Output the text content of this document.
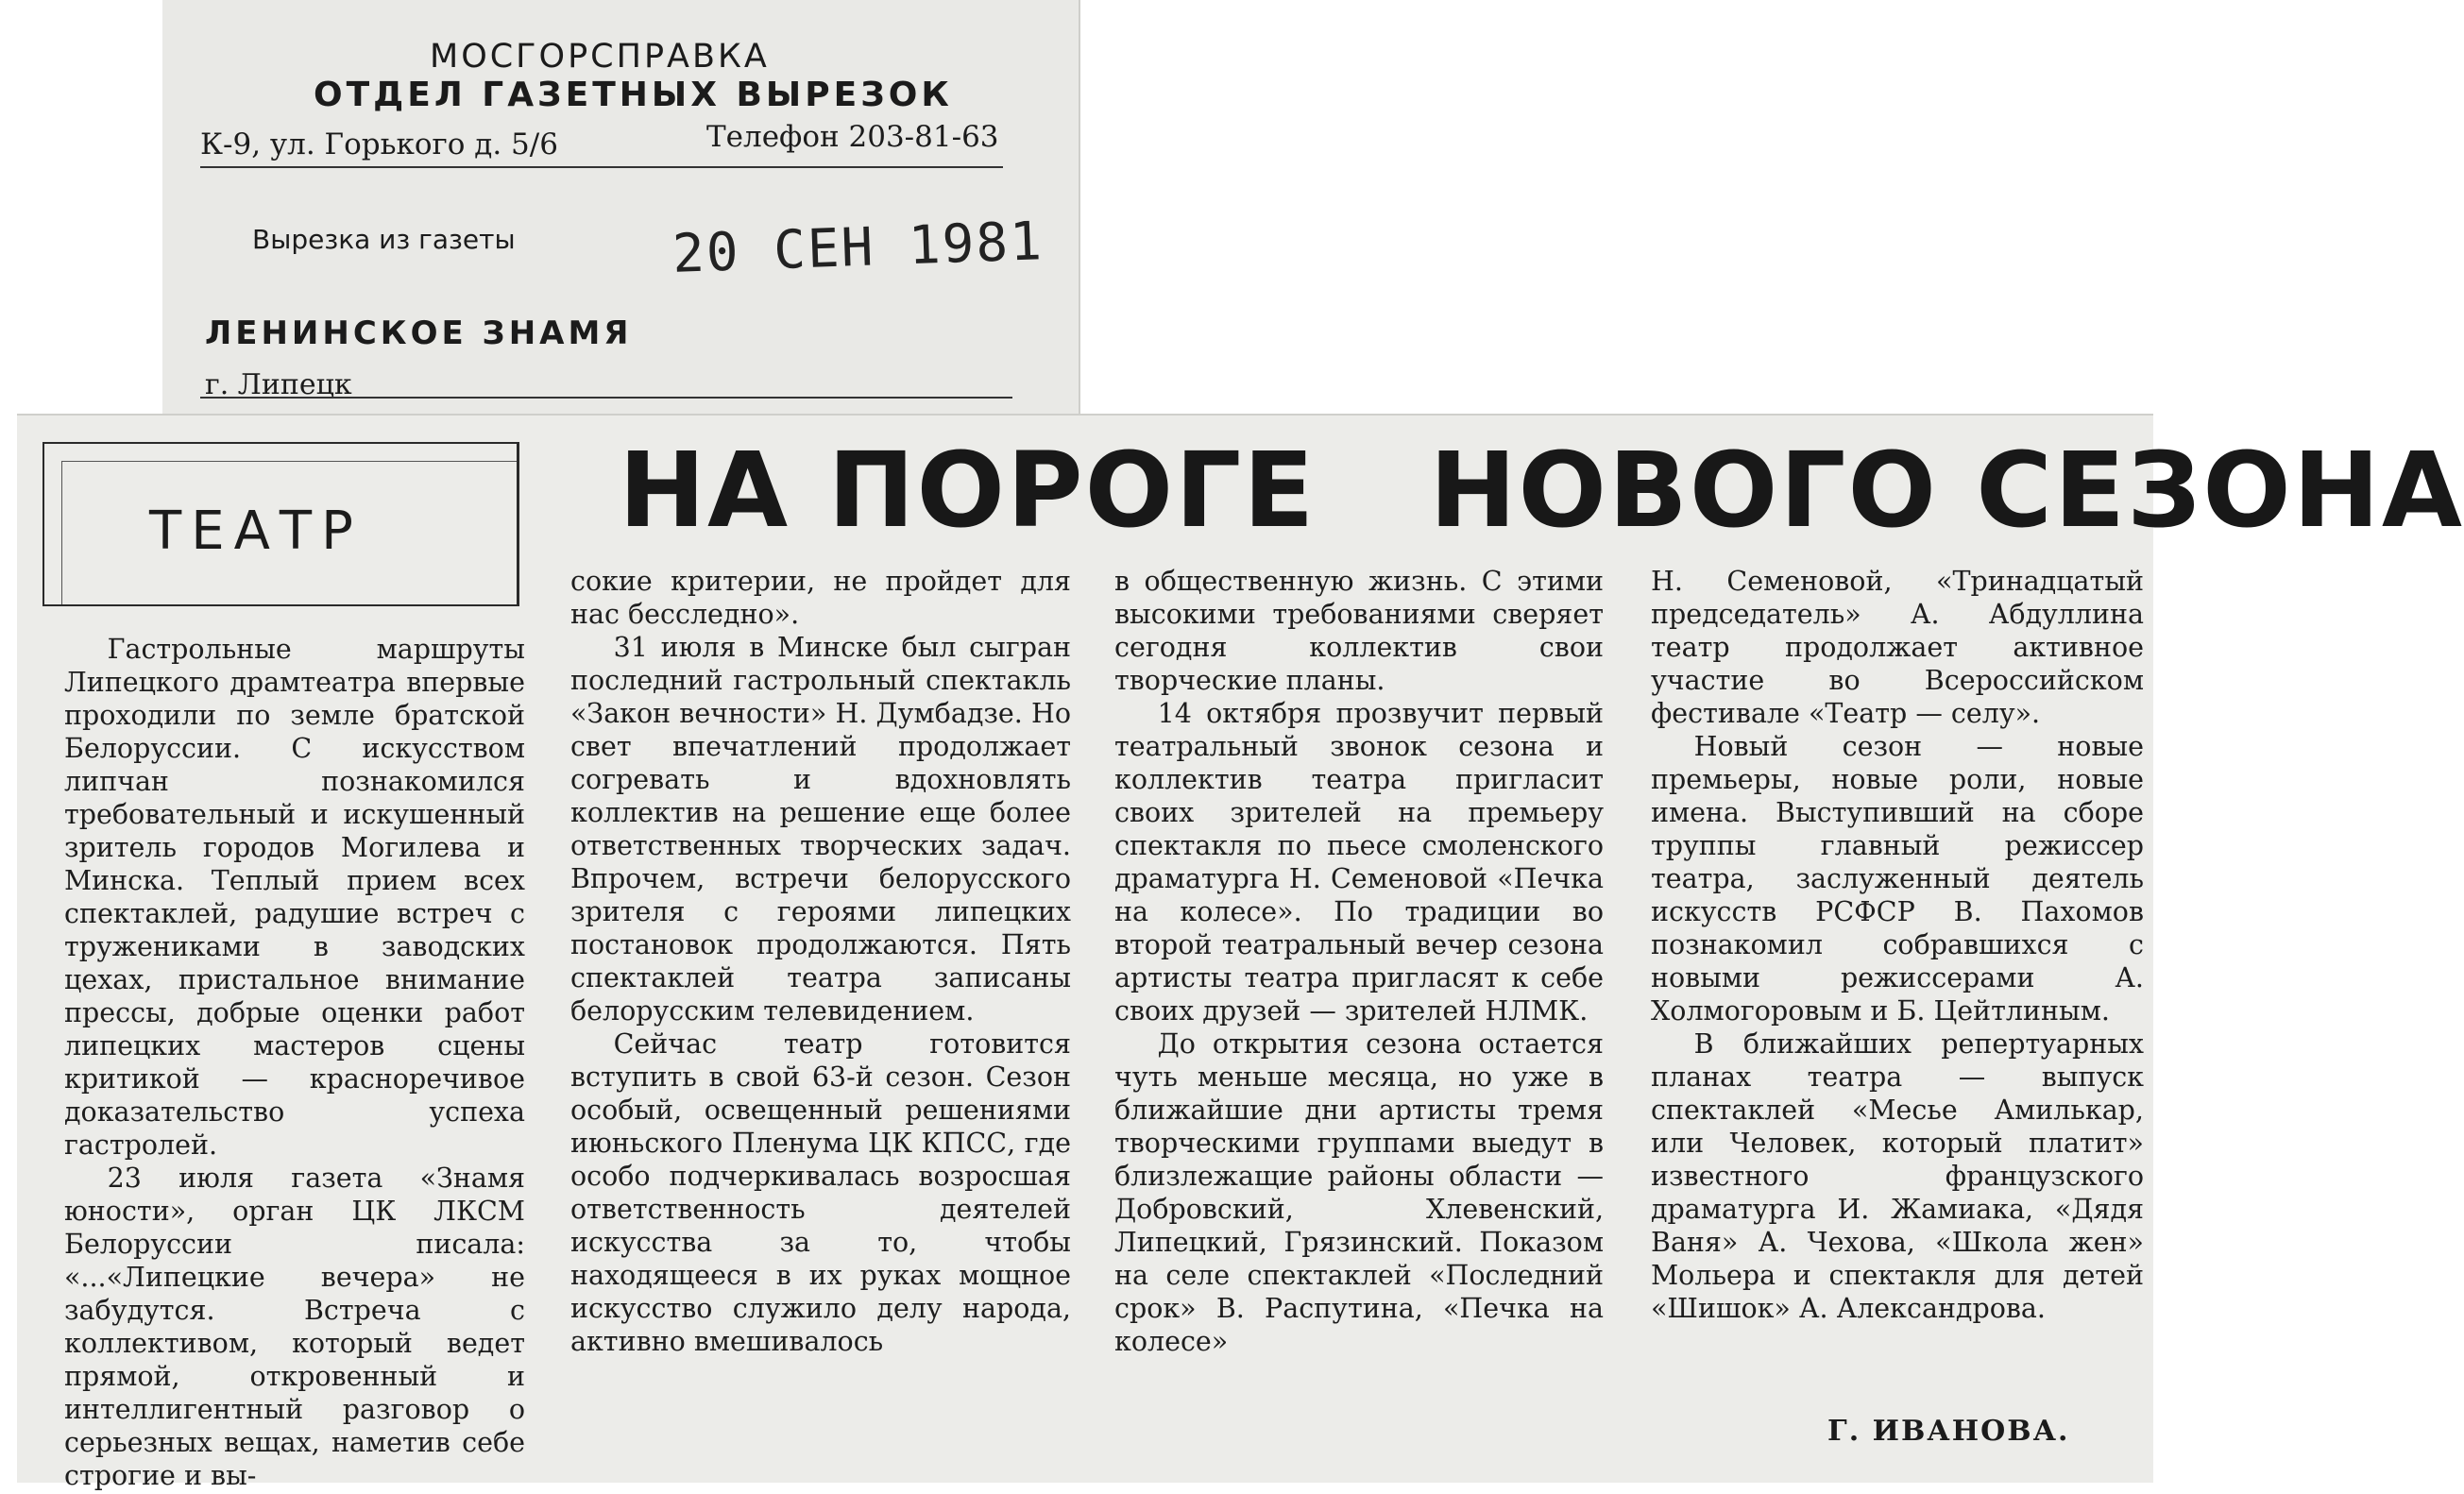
МОСГОРСПРАВКА
ОТДЕЛ ГАЗЕТНЫХ ВЫРЕЗОК
К-9, ул. Горького д. 5/6	Телефон 203-81-63
Вырезка из газеты	20 СЕН 1981
ЛЕНИНСКОЕ ЗНАМЯ
г. Липецк
ТЕАТР НА ПОРОГЕ НОВОГО СЕЗОНА

Гастрольные маршруты Липецкого драмтеатра впервые проходили по земле братской Белоруссии. С искусством липчан познакомился требовательный и искушенный зритель городов Могилева и Минска. Теплый прием всех спектаклей, радушие встреч с тружениками в заводских цехах, пристальное внимание прессы, добрые оценки работ липецких мастеров сцены критикой — красноречивое доказательство успеха гастролей.

23 июля газета «Знамя юности», орган ЦК ЛКСМ Белоруссии писала: «...«Липецкие вечера» не забудутся. Встреча с коллективом, который ведет прямой, откровенный и интеллигентный разговор о серьезных вещах, наметив себе строгие и вы-

сокие критерии, не пройдет для нас бесследно».

31 июля в Минске был сыгран последний гастрольный спектакль «Закон вечности» Н. Думбадзе. Но свет впечатлений продолжает согревать и вдохновлять коллектив на решение еще более ответственных творческих задач. Впрочем, встречи белорусского зрителя с героями липецких постановок продолжаются. Пять спектаклей театра записаны белорусским телевидением.

Сейчас театр готовится вступить в свой 63-й сезон. Сезон особый, освещенный решениями июньского Пленума ЦК КПСС, где особо подчеркивалась возросшая ответственность деятелей искусства за то, чтобы находящееся в их руках мощное искусство служило делу народа, активно вмешивалось

в общественную жизнь. С этими высокими требованиями сверяет сегодня коллектив свои творческие планы.

14 октября прозвучит первый театральный звонок сезона и коллектив театра пригласит своих зрителей на премьеру спектакля по пьесе смоленского драматурга Н. Семеновой «Печка на колесе». По традиции во второй театральный вечер сезона артисты театра пригласят к себе своих друзей — зрителей НЛМК.

До открытия сезона остается чуть меньше месяца, но уже в ближайшие дни артисты тремя творческими группами выедут в близлежащие районы области — Добровский, Хлевенский, Липецкий, Грязинский. Показом на селе спектаклей «Последний срок» В. Распутина, «Печка на колесе»

Н. Семеновой, «Тринадцатый председатель» А. Абдуллина театр продолжает активное участие во Всероссийском фестивале «Театр — селу».

Новый сезон — новые премьеры, новые роли, новые имена. Выступивший на сборе труппы главный режиссер театра, заслуженный деятель искусств РСФСР В. Пахомов познакомил собравшихся с новыми режиссерами А. Холмогоровым и Б. Цейтлиным.

В ближайших репертуарных планах театра — выпуск спектаклей «Месье Амилькар, или Человек, который платит» известного французского драматурга И. Жамиака, «Дядя Ваня» А. Чехова, «Школа жен» Мольера и спектакля для детей «Шишок» А. Александрова.

Г. ИВАНОВА.
